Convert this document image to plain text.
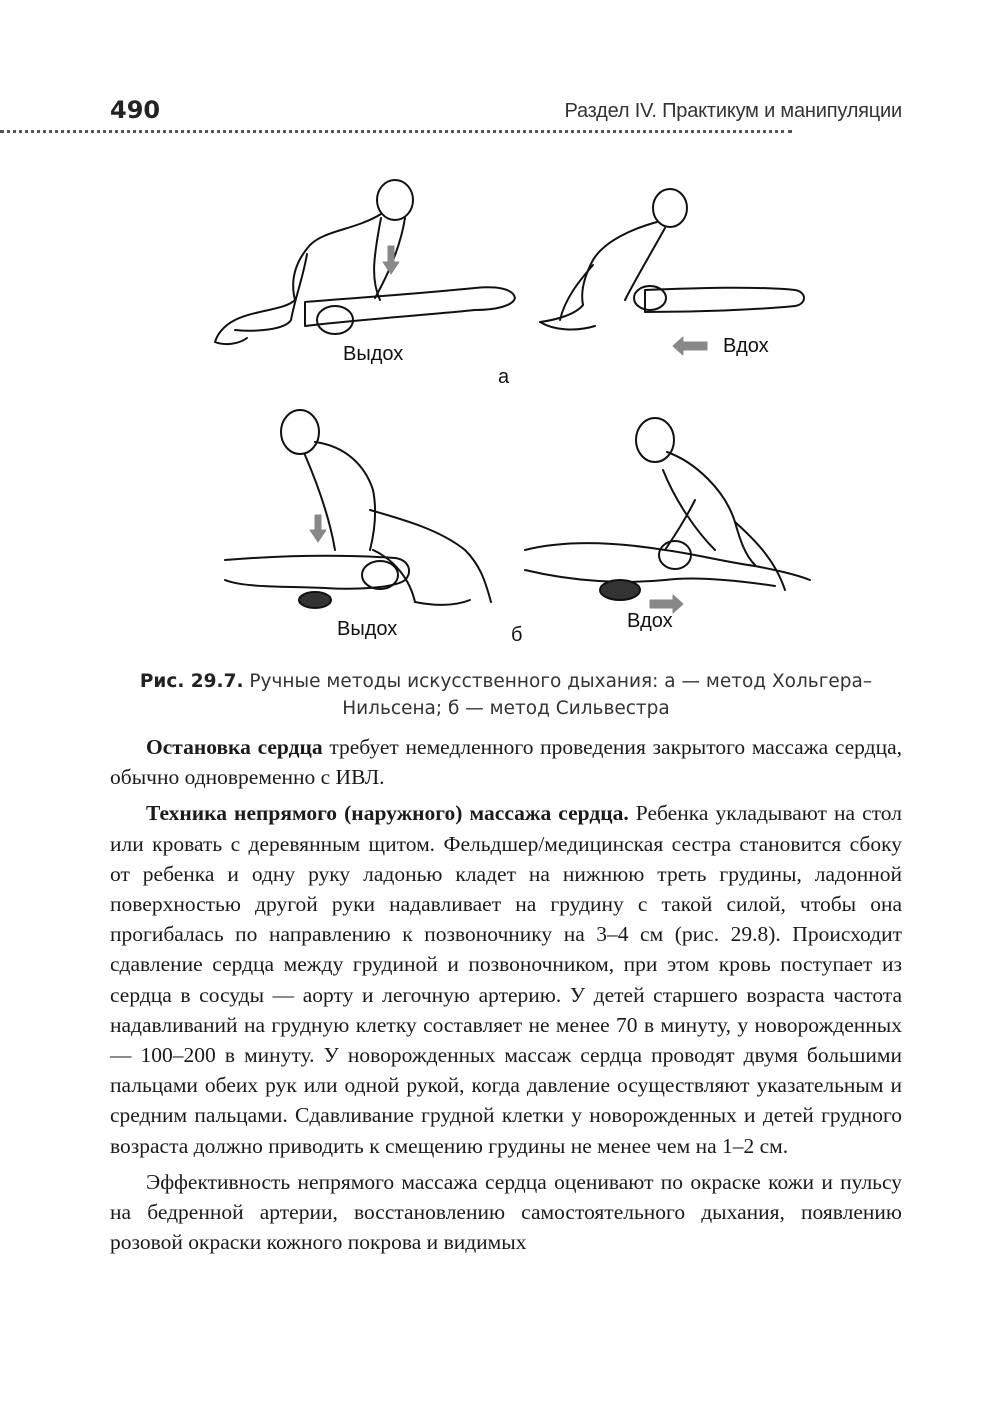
490	Раздел IV. Практикум и манипуляции
Выдох	Вдох
а
Выдох	Вдох
б
Рис. 29.7. Ручные методы искусственного дыхания: а — метод Хольгера–Нильсена; б — метод Сильвестра

Остановка сердца требует немедленного проведения закрытого массажа сердца, обычно одновременно с ИВЛ.

Техника непрямого (наружного) массажа сердца. Ребенка укладывают на стол или кровать с деревянным щитом. Фельдшер/медицинская сестра становится сбоку от ребенка и одну руку ладонью кладет на нижнюю треть грудины, ладонной поверхностью другой руки надавливает на грудину с такой силой, чтобы она прогибалась по направлению к позвоночнику на 3–4 см (рис. 29.8). Происходит сдавление сердца между грудиной и позвоночником, при этом кровь поступает из сердца в сосуды — аорту и легочную артерию. У детей старшего возраста частота надавливаний на грудную клетку составляет не менее 70 в минуту, у новорожденных — 100–200 в минуту. У новорожденных массаж сердца проводят двумя большими пальцами обеих рук или одной рукой, когда давление осуществляют указательным и средним пальцами. Сдавливание грудной клетки у новорожденных и детей грудного возраста должно приводить к смещению грудины не менее чем на 1–2 см.

Эффективность непрямого массажа сердца оценивают по окраске кожи и пульсу на бедренной артерии, восстановлению самостоятельного дыхания, появлению розовой окраски кожного покрова и видимых
